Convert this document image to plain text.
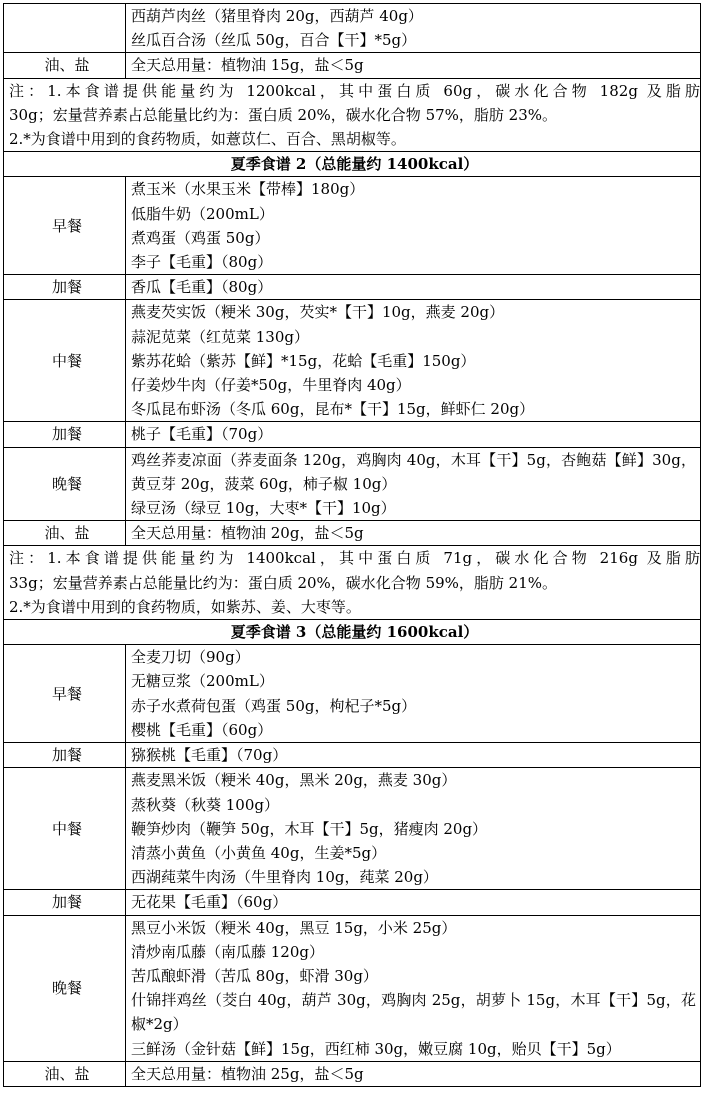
	西葫芦肉丝（猪里脊肉 20g，西葫芦 40g）
丝瓜百合汤（丝瓜 50g，百合【干】*5g）

油、盐	全天总用量：植物油 15g，盐＜5g

注：1.本食谱提供能量约为 1200kcal，其中蛋白质 60g，碳水化合物 182g 及脂肪
30g；宏量营养素占总能量比约为：蛋白质 20%，碳水化合物 57%，脂肪 23%。
2.*为食谱中用到的食药物质，如薏苡仁、百合、黑胡椒等。	

夏季食谱 2（总能量约 1400kcal）	
早餐	煮玉米（水果玉米【带棒】180g）
低脂牛奶（200mL）
煮鸡蛋（鸡蛋 50g）
李子【毛重】（80g）

加餐	香瓜【毛重】（80g）
中餐	燕麦芡实饭（粳米 30g，芡实*【干】10g，燕麦 20g）
蒜泥苋菜（红苋菜 130g）
紫苏花蛤（紫苏【鲜】*15g，花蛤【毛重】150g）
仔姜炒牛肉（仔姜*50g，牛里脊肉 40g）
冬瓜昆布虾汤（冬瓜 60g，昆布*【干】15g，鲜虾仁 20g）

加餐	桃子【毛重】（70g）
晚餐	鸡丝荞麦凉面（荞麦面条 120g，鸡胸肉 40g，木耳【干】5g，杏鲍菇【鲜】30g，黄豆芽 20g，菠菜 60g，柿子椒 10g）
绿豆汤（绿豆 10g，大枣*【干】10g）

油、盐	全天总用量：植物油 20g，盐＜5g

注：1.本食谱提供能量约为 1400kcal，其中蛋白质 71g，碳水化合物 216g 及脂肪
33g；宏量营养素占总能量比约为：蛋白质 20%，碳水化合物 59%，脂肪 21%。
2.*为食谱中用到的食药物质，如紫苏、姜、大枣等。	

夏季食谱 3（总能量约 1600kcal）	
早餐	全麦刀切（90g）
无糖豆浆（200mL）
赤子水煮荷包蛋（鸡蛋 50g，枸杞子*5g）
樱桃【毛重】（60g）

加餐	猕猴桃【毛重】（70g）
中餐	燕麦黑米饭（粳米 40g，黑米 20g，燕麦 30g）
蒸秋葵（秋葵 100g）
鞭笋炒肉（鞭笋 50g，木耳【干】5g，猪瘦肉 20g）
清蒸小黄鱼（小黄鱼 40g，生姜*5g）
西湖莼菜牛肉汤（牛里脊肉 10g，莼菜 20g）

加餐	无花果【毛重】（60g）
晚餐	黑豆小米饭（粳米 40g，黑豆 15g，小米 25g）
清炒南瓜藤（南瓜藤 120g）
苦瓜酿虾滑（苦瓜 80g，虾滑 30g）
什锦拌鸡丝（茭白 40g，葫芦 30g，鸡胸肉 25g，胡萝卜 15g，木耳【干】5g，花椒*2g）
三鲜汤（金针菇【鲜】15g，西红柿 30g，嫩豆腐 10g，贻贝【干】5g）

油、盐	全天总用量：植物油 25g，盐＜5g
